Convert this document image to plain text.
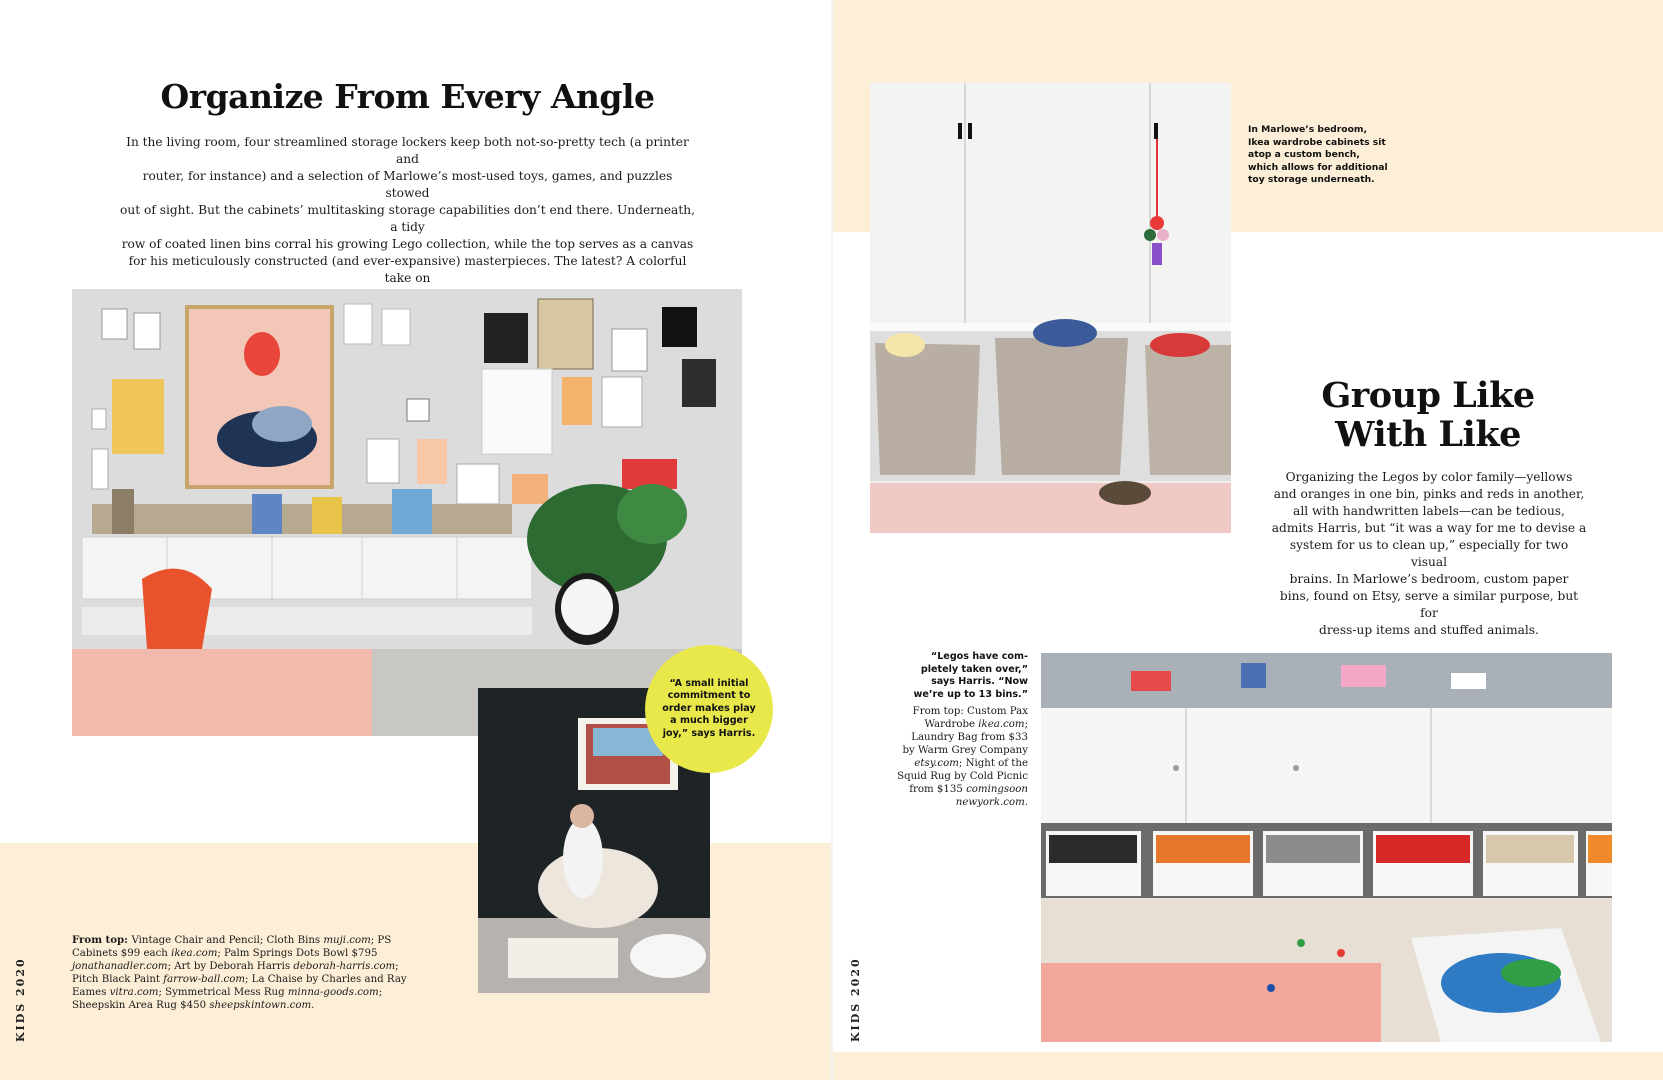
Organize From Every Angle
In the living room, four streamlined storage lockers keep both not-so-pretty tech (a printer and
router, for instance) and a selection of Marlowe’s most-used toys, games, and puzzles stowed
out of sight. But the cabinets’ multitasking storage capabilities don’t end there. Underneath, a tidy
row of coated linen bins corral his growing Lego collection, while the top serves as a canvas
for his meticulously constructed (and ever-expansive) masterpieces. The latest? A colorful take on
“A small initial commitment to order makes play a much bigger joy,” says Harris.
From top: Vintage Chair and Pencil; Cloth Bins muji.com; PS Cabinets $99 each ikea.com; Palm Springs Dots Bowl $795 jonathanadler.com; Art by Deborah Harris deborah-harris.com; Pitch Black Paint farrow-ball.com; La Chaise by Charles and Ray Eames vitra.com; Symmetrical Mess Rug minna-goods.com; Sheepskin Area Rug $450 sheepskintown.com.
KIDS 2020
In Marlowe’s bedroom,
Ikea wardrobe cabinets sit
atop a custom bench,
which allows for additional
toy storage underneath.
Group Like
With Like
Organizing the Legos by color family—yellows
and oranges in one bin, pinks and reds in another,
all with handwritten labels—can be tedious,
admits Harris, but “it was a way for me to devise a
system for us to clean up,” especially for two visual
brains. In Marlowe’s bedroom, custom paper
bins, found on Etsy, serve a similar purpose, but for
dress-up items and stuffed animals.
“Legos have com-
pletely taken over,”
says Harris. “Now
we’re up to 13 bins.”
From top: Custom Pax
Wardrobe ikea.com;
Laundry Bag from $33
by Warm Grey Company
etsy.com; Night of the
Squid Rug by Cold Picnic
from $135 comingsoon
newyork.com.
KIDS 2020
